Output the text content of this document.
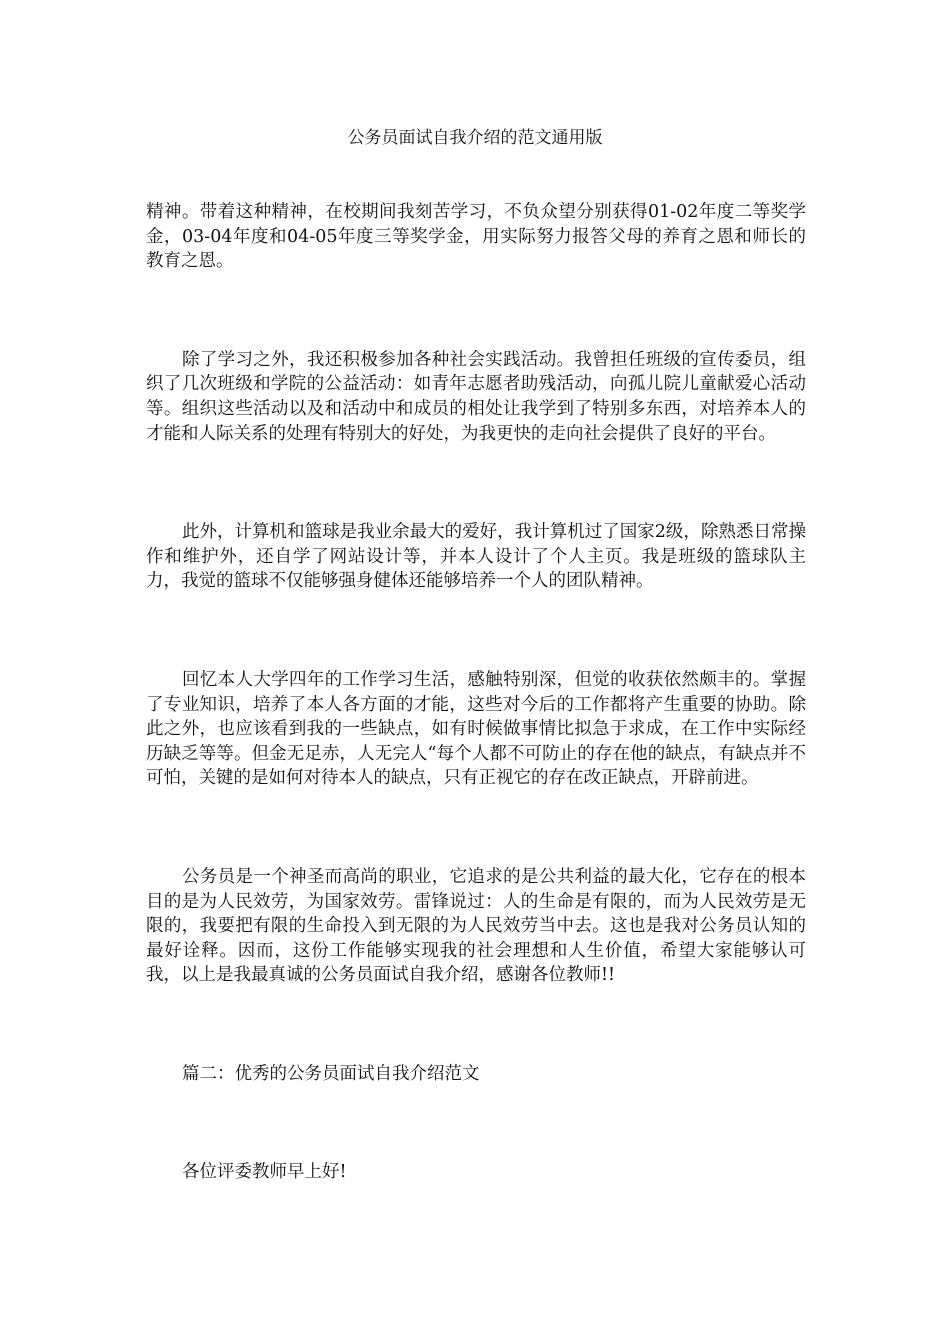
公务员面试自我介绍的范文通用版

精神。带着这种精神，在校期间我刻苦学习，不负众望分别获得01-02年度二等奖学金，03-04年度和04-05年度三等奖学金，用实际努力报答父母的养育之恩和师长的教育之恩。

除了学习之外，我还积极参加各种社会实践活动。我曾担任班级的宣传委员，组织了几次班级和学院的公益活动：如青年志愿者助残活动，向孤儿院儿童献爱心活动等。组织这些活动以及和活动中和成员的相处让我学到了特别多东西，对培养本人的才能和人际关系的处理有特别大的好处，为我更快的走向社会提供了良好的平台。

此外，计算机和篮球是我业余最大的爱好，我计算机过了国家2级，除熟悉日常操作和维护外，还自学了网站设计等，并本人设计了个人主页。我是班级的篮球队主力，我觉的篮球不仅能够强身健体还能够培养一个人的团队精神。

回忆本人大学四年的工作学习生活，感触特别深，但觉的收获依然颇丰的。掌握了专业知识，培养了本人各方面的才能，这些对今后的工作都将产生重要的协助。除此之外，也应该看到我的一些缺点，如有时候做事情比拟急于求成，在工作中实际经历缺乏等等。但金无足赤，人无完人“每个人都不可防止的存在他的缺点，有缺点并不可怕，关键的是如何对待本人的缺点，只有正视它的存在改正缺点，开辟前进。

公务员是一个神圣而高尚的职业，它追求的是公共利益的最大化，它存在的根本目的是为人民效劳，为国家效劳。雷锋说过：人的生命是有限的，而为人民效劳是无限的，我要把有限的生命投入到无限的为人民效劳当中去。这也是我对公务员认知的最好诠释。因而，这份工作能够实现我的社会理想和人生价值，希望大家能够认可我，以上是我最真诚的公务员面试自我介绍，感谢各位教师!!

篇二：优秀的公务员面试自我介绍范文

各位评委教师早上好!
